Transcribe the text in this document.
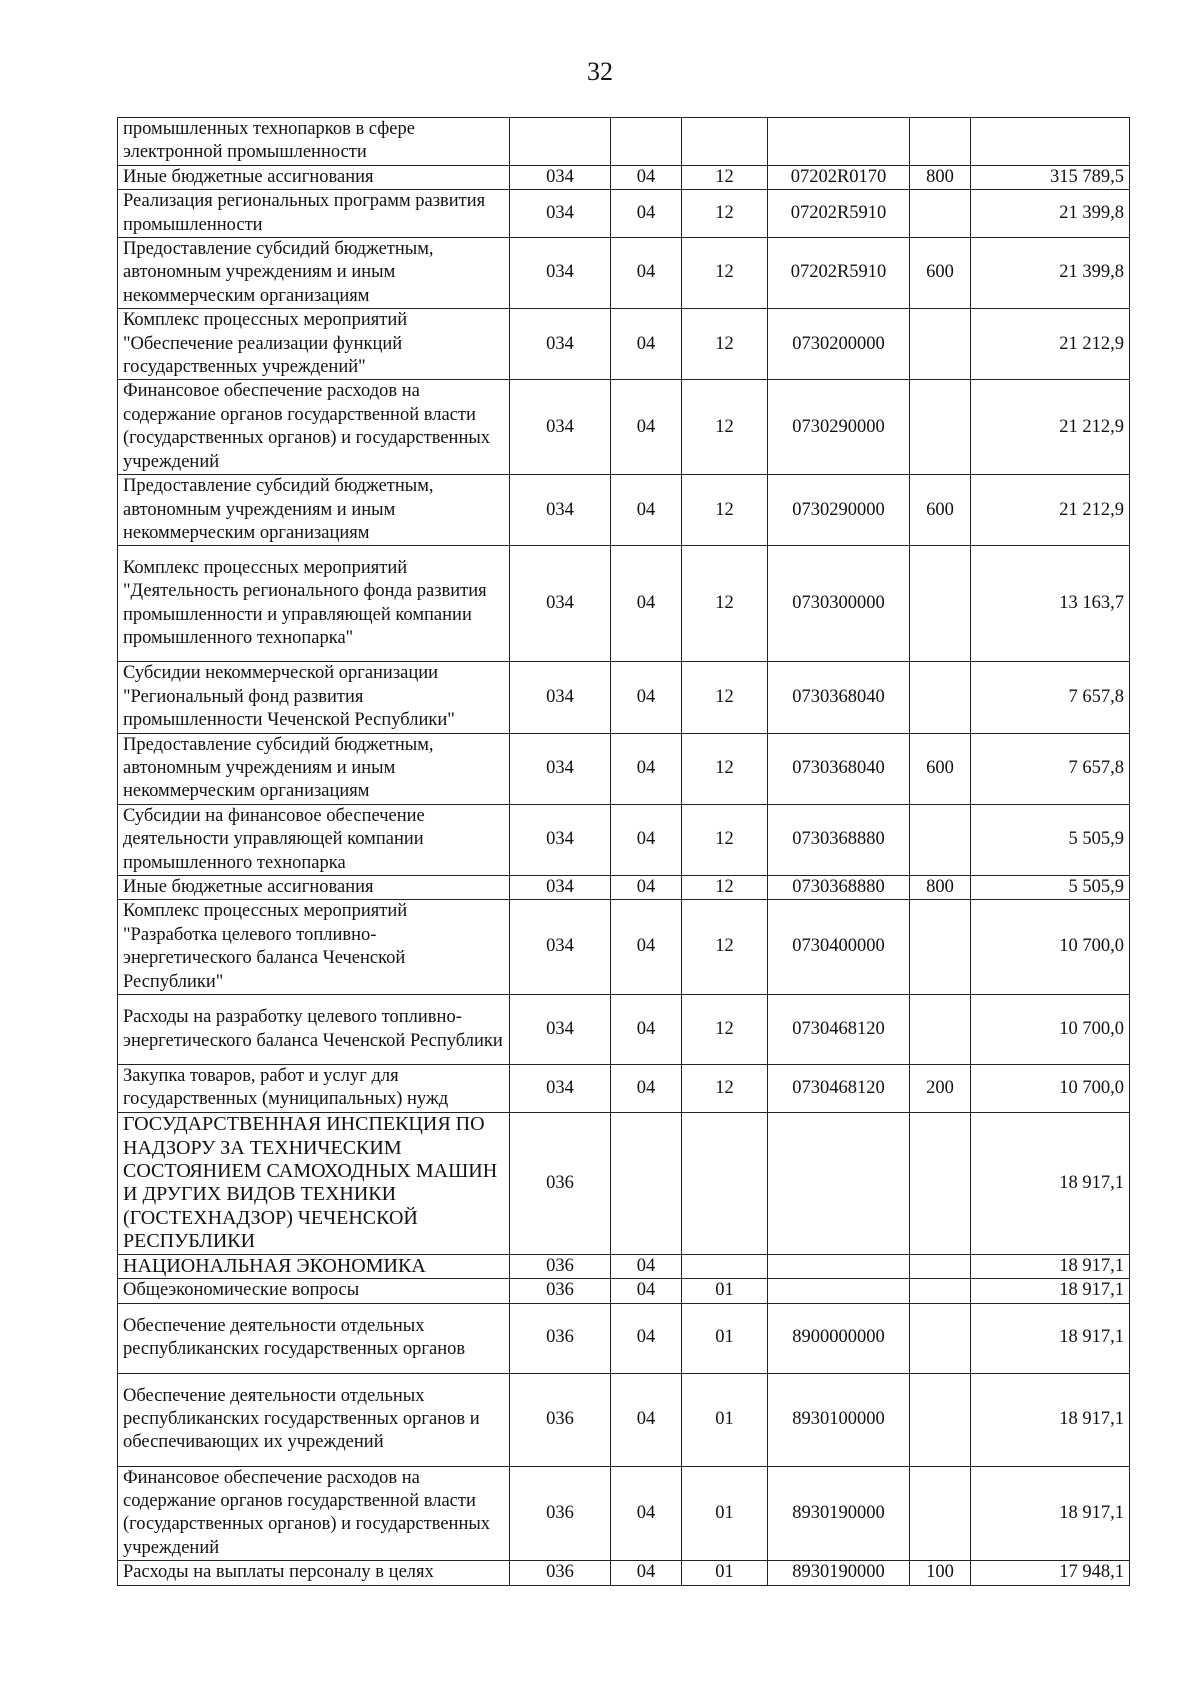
32
промышленных технопарков в сфере электронной промышленности						
Иные бюджетные ассигнования	034	04	12	07202R0170	800	315 789,5
Реализация региональных программ развития промышленности	034	04	12	07202R5910		21 399,8
Предоставление субсидий бюджетным, автономным учреждениям и иным некоммерческим организациям	034	04	12	07202R5910	600	21 399,8
Комплекс процессных мероприятий "Обеспечение реализации функций государственных учреждений"	034	04	12	0730200000		21 212,9
Финансовое обеспечение расходов на содержание органов государственной власти (государственных органов) и государственных учреждений	034	04	12	0730290000		21 212,9
Предоставление субсидий бюджетным, автономным учреждениям и иным некоммерческим организациям	034	04	12	0730290000	600	21 212,9
Комплекс процессных мероприятий "Деятельность регионального фонда развития промышленности и управляющей компании промышленного технопарка"	034	04	12	0730300000		13 163,7
Субсидии некоммерческой организации "Региональный фонд развития промышленности Чеченской Республики"	034	04	12	0730368040		7 657,8
Предоставление субсидий бюджетным, автономным учреждениям и иным некоммерческим организациям	034	04	12	0730368040	600	7 657,8
Субсидии на финансовое обеспечение деятельности управляющей компании промышленного технопарка	034	04	12	0730368880		5 505,9
Иные бюджетные ассигнования	034	04	12	0730368880	800	5 505,9
Комплекс процессных мероприятий "Разработка целевого топливно-энергетического баланса Чеченской Республики"	034	04	12	0730400000		10 700,0
Расходы на разработку целевого топливно-энергетического баланса Чеченской Республики	034	04	12	0730468120		10 700,0
Закупка товаров, работ и услуг для государственных (муниципальных) нужд	034	04	12	0730468120	200	10 700,0
ГОСУДАРСТВЕННАЯ ИНСПЕКЦИЯ ПО НАДЗОРУ ЗА ТЕХНИЧЕСКИМ СОСТОЯНИЕМ САМОХОДНЫХ МАШИН И ДРУГИХ ВИДОВ ТЕХНИКИ (ГОСТЕХНАДЗОР) ЧЕЧЕНСКОЙ РЕСПУБЛИКИ	036					18 917,1
НАЦИОНАЛЬНАЯ ЭКОНОМИКА	036	04				18 917,1
Общеэкономические вопросы	036	04	01			18 917,1
Обеспечение деятельности отдельных республиканских государственных органов	036	04	01	8900000000		18 917,1
Обеспечение деятельности отдельных республиканских государственных органов и обеспечивающих их учреждений	036	04	01	8930100000		18 917,1
Финансовое обеспечение расходов на содержание органов государственной власти (государственных органов) и государственных учреждений	036	04	01	8930190000		18 917,1
Расходы на выплаты персоналу в целях	036	04	01	8930190000	100	17 948,1
